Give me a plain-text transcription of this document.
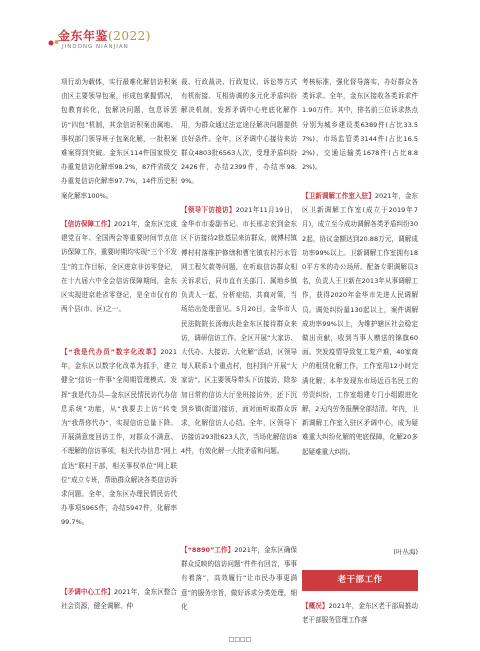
金东年鉴(2022)
JINDONG NIANJIAN
项行动为载体，实行最难化解信访积案由区主要领导包案，形成包掌握情况，包教育转化，包解决问题，包息诉罢访“四包”机制，其余信访积案由属地、事权部门领导班子包案化解，一批积案难案得到突破。金东区114件国家级交办重复信访化解率98.2%，87件省级交办重复信访化解率97.7%，14件历史积案化解率100%。
【信访保障工作】2021年，金东区完成建党百年、全国两会等重要时间节点信访保障工作，重要时期均实现“三个不发生”的工作目标，全区进京非访零登记，在十九届六中全会信访保障期间，金东区实现进京赴省零登记，是全市仅有的两个县(市、区)之一。
【“我是代办员”数字化改革】2021年，金东区以数字化改革为抓手，建立健全“信访一件事”全周期管理模式。发挥“我是代办员—金东区民情民访代办信息系统”功能，从“我要去上访”转变为“我帮你代办”，实现信访总量下降。开展满意度回访工作，对群众不满意、不理解的信访事项，相关代办信息“网上直达”联村干部，相关事权单位“网上联位”成立专班，帮助群众解决各类信访诉求问题。全年，金东区办理民情民访代办事项5965件，办结5947件，化解率99.7%。
【矛调中心工作】2021年，金东区整合社会资源，健全调解、仲
裁、行政裁决、行政复议、诉讼等方式有机衔接、互相协调的多元化矛盾纠纷解决机制，发挥矛调中心兜底化解作用，为群众通过法定途径解决问题提供良好条件。全年，区矛调中心接待来访群众4803批6563人次，受理矛盾纠纷2426件，办结2399件，办结率98.9%。
【领导下访接访】2021年11月19日，金华市市委副书记、市长邢志宏到金东区下访接待2批基层来访群众，就傅村镇傅村村落维护修缮和曹宅镇农村污水管网工程欠款等问题，在听取信访群众相关诉求后，同市直有关部门、属地乡镇负责人一起，分析症结，共商对策，当场给出处理意见。5月20日，金华市人民法院院长汤海庆赴金东区接待群众来访，调研信访工作。全区开展“大家访、大代办、大接访、大化解”活动，区领导每人联系1个重点村，包村到户开展“大家访”。区主要领导带头下访接访，除参加日常的信访大厅坐班接访外，还下沉到乡镇(街道)接访，面对面听取群众诉求，化解信访人心结。全年，区领导下访接访293批623人次，当场化解信访84件，有效化解一大批矛盾和问题。
【“8890”工作】2021年，金东区确保群众反映的信访问题“件件有回音，事事有着落”，高效履行“让市民办事更满意”的服务宗旨，做好诉求分类处理，细化
考核标准，强化督导落实，办好群众各类诉求。全年，金东区接收各类诉求件1.90万件。其中，排名前三位诉求热点分别为城乡建设类6389件(占比33.57%)、市场监管类3144件(占比16.52%)、交通运输类1678件(占比8.82%)。
【卫新调解工作室入驻】2021年，金东区卫新调解工作室(成立于2019年7月)，成立至今成功调解各类矛盾纠纷302起，协议金额达到20.88万元，调解成功率99%以上。卫新调解工作室拥有180平方米的办公场所。配备专职调解员3名，负责人王卫新在2013年从事调解工作，获得2020年金华市先进人民调解员。调处纠纷量130起以上，案件调解成功率99%以上，为维护辖区社会稳定做出贡献，收到当事人赠送的锦旗60面。突发疫情导致复工复产难，40家商户的租赁化解工作，工作室用12小时完满化解；本年发现东市场近百名民工的劳资纠纷，工作室组建专门小组跟进化解，2天内劳务报酬全部结清。年内，卫新调解工作室入驻区矛调中心，成为疑难重大纠纷化解的兜底保障，化解20多起疑难重大纠纷。
(叶丛海)
老干部工作
【概况】2021年，金东区老干部局推动老干部服务管理工作落
□□□□
